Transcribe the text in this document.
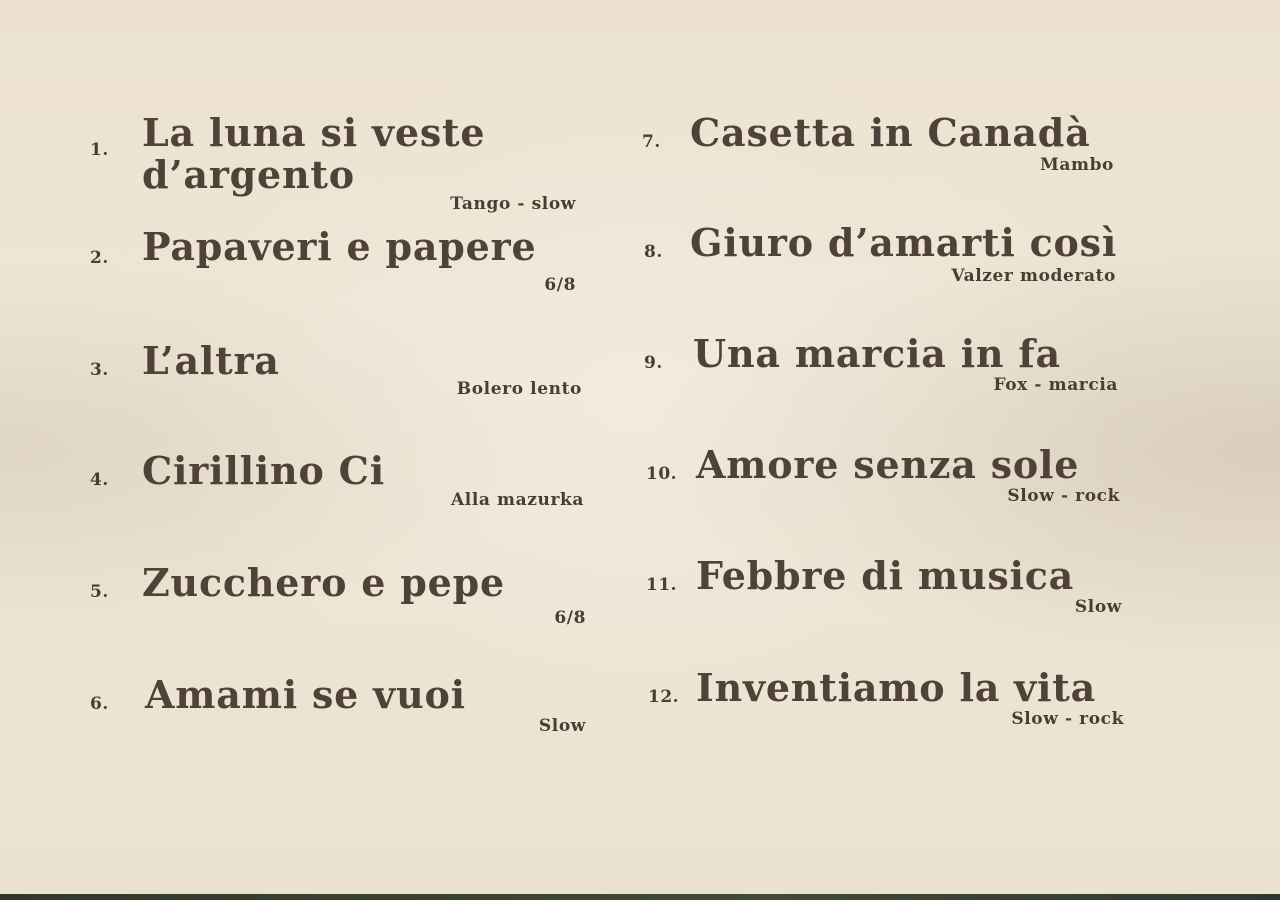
1. La luna si veste
d’argento
Tango - slow
2. Papaveri e papere
6/8
3. L’altra
Bolero lento
4. Cirillino Ci
Alla mazurka
5. Zucchero e pepe
6/8
6. Amami se vuoi
Slow
7. Casetta in Canadà
Mambo
8. Giuro d’amarti così
Valzer moderato
9. Una marcia in fa
Fox - marcia
10. Amore senza sole
Slow - rock
11. Febbre di musica
Slow
12. Inventiamo la vita
Slow - rock
